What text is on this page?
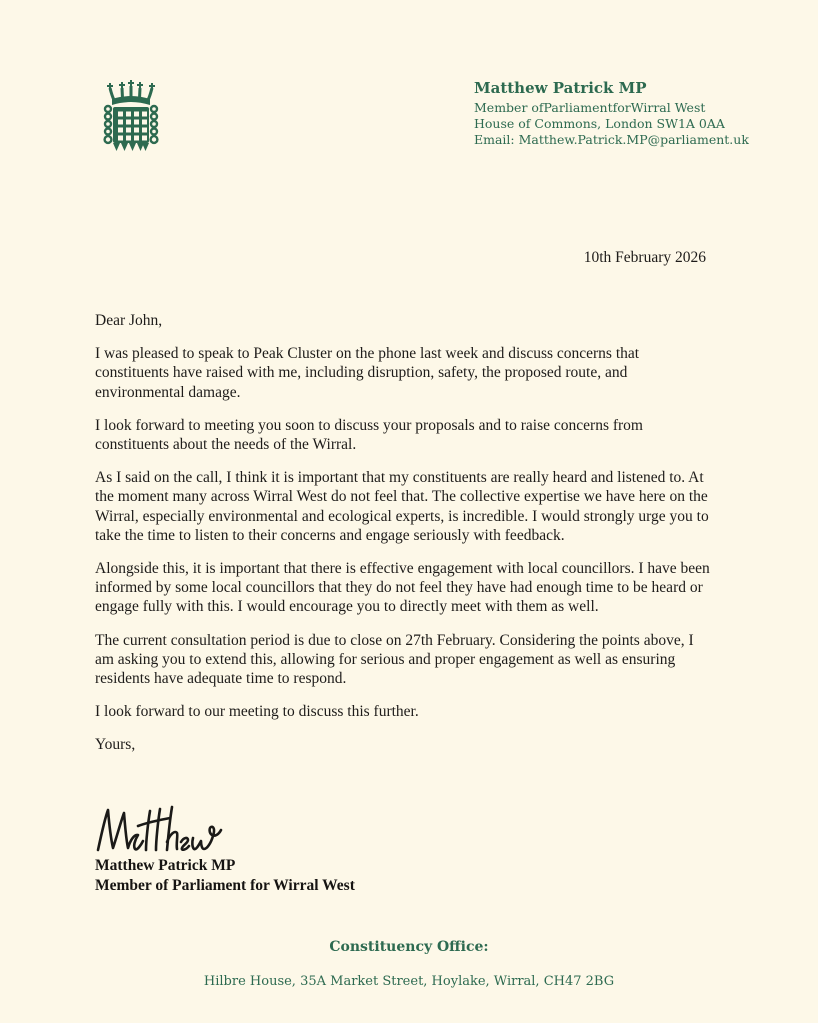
Matthew Patrick MP
Member ofParliamentforWirral West
House of Commons, London SW1A 0AA
Email: Matthew.Patrick.MP@parliament.uk
10th February 2026

Dear John,

I was pleased to speak to Peak Cluster on the phone last week and discuss concerns that constituents have raised with me, including disruption, safety, the proposed route, and environmental damage.

I look forward to meeting you soon to discuss your proposals and to raise concerns from constituents about the needs of the Wirral.

As I said on the call, I think it is important that my constituents are really heard and listened to. At the moment many across Wirral West do not feel that. The collective expertise we have here on the Wirral, especially environmental and ecological experts, is incredible. I would strongly urge you to take the time to listen to their concerns and engage seriously with feedback.

Alongside this, it is important that there is effective engagement with local councillors. I have been informed by some local councillors that they do not feel they have had enough time to be heard or engage fully with this. I would encourage you to directly meet with them as well.

The current consultation period is due to close on 27th February. Considering the points above, I am asking you to extend this, allowing for serious and proper engagement as well as ensuring residents have adequate time to respond.

I look forward to our meeting to discuss this further.

Yours,

Matthew Patrick MP
Member of Parliament for Wirral West
Constituency Office:
Hilbre House, 35A Market Street, Hoylake, Wirral, CH47 2BG
